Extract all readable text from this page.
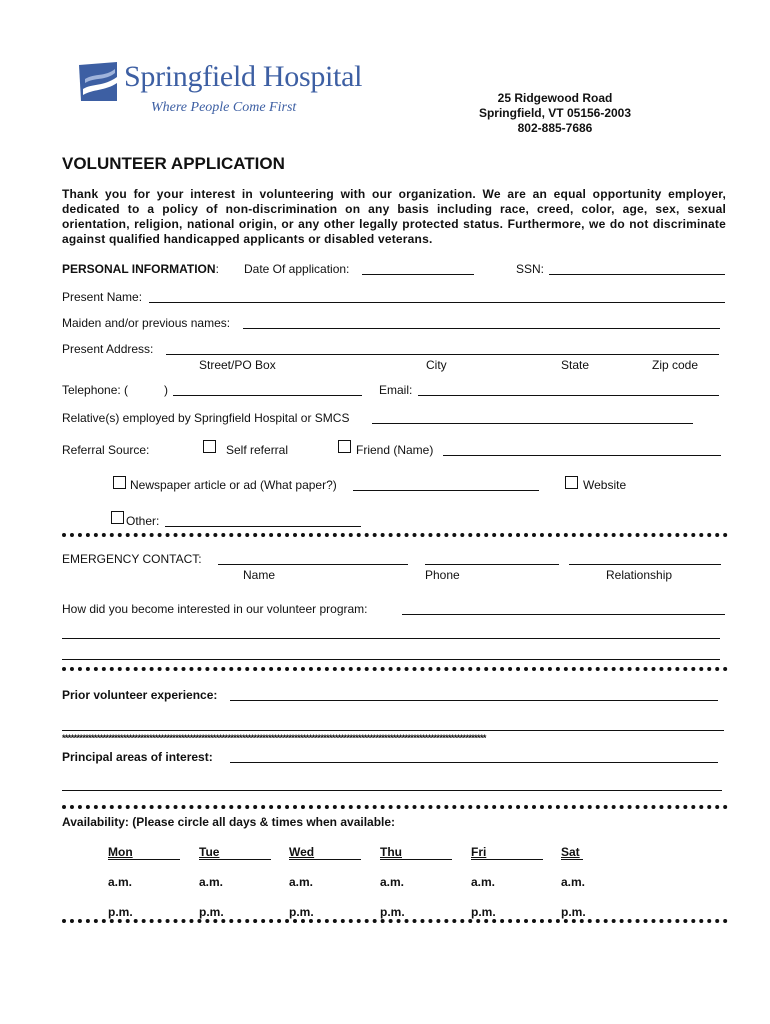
Springfield Hospital
Where People Come First
25 Ridgewood Road
Springfield, VT 05156-2003
802-885-7686
VOLUNTEER APPLICATION
Thank you for your interest in volunteering with our organization. We are an equal opportunity employer, dedicated to a policy of non-discrimination on any basis including race, creed, color, age, sex, sexual orientation, religion, national origin, or any other legally protected status. Furthermore, we do not discriminate against qualified handicapped applicants or disabled veterans.
PERSONAL INFORMATION: Date Of application:	SSN:
Present Name:
Maiden and/or previous names:
Present Address:
Street/PO Box	City	State	Zip code
Telephone: (	)	Email:
Relative(s) employed by Springfield Hospital or SMCS
Referral Source:	Self referral	Friend (Name)
Newspaper article or ad (What paper?)	Website
Other:
EMERGENCY CONTACT:
Name	Phone	Relationship
How did you become interested in our volunteer program:
Prior volunteer experience:
**************************************************************************************************************************************************
Principal areas of interest:
Availability: (Please circle all days & times when available:
Mon	Tue	Wed	Thu	Fri	Sat
a.m.	a.m.	a.m.	a.m.	a.m.	a.m.
p.m.	p.m.	p.m.	p.m.	p.m.	p.m.
